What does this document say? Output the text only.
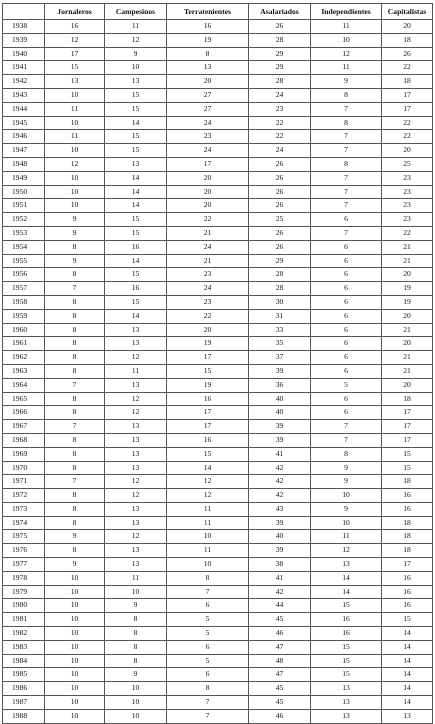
	Jornaleros	Campesinos	Terratenientes	Asalariados	Independientes	Capitalistas
1938	16	11	16	26	11	20
1939	12	12	19	28	10	18
1940	17	9	8	29	12	26
1941	15	10	13	29	11	22
1942	13	13	20	28	9	18
1943	10	15	27	24	8	17
1944	11	15	27	23	7	17
1945	10	14	24	22	8	22
1946	11	15	23	22	7	22
1947	10	15	24	24	7	20
1948	12	13	17	26	8	25
1949	10	14	20	26	7	23
1950	10	14	20	26	7	23
1951	10	14	20	26	7	23
1952	9	15	22	25	6	23
1953	9	15	21	26	7	22
1954	8	16	24	26	6	21
1955	9	14	21	29	6	21
1956	8	15	23	28	6	20
1957	7	16	24	28	6	19
1958	8	15	23	30	6	19
1959	8	14	22	31	6	20
1960	8	13	20	33	6	21
1961	8	13	19	35	6	20
1962	8	12	17	37	6	21
1963	8	11	15	39	6	21
1964	7	13	19	36	5	20
1965	8	12	16	40	6	18
1966	8	12	17	40	6	17
1967	7	13	17	39	7	17
1968	8	13	16	39	7	17
1969	8	13	15	41	8	15
1970	8	13	14	42	9	15
1971	7	12	12	42	9	18
1972	8	12	12	42	10	16
1973	8	13	11	43	9	16
1974	8	13	11	39	10	18
1975	9	12	10	40	11	18
1976	8	13	11	39	12	18
1977	9	13	10	38	13	17
1978	10	11	8	41	14	16
1979	10	10	7	42	14	16
1980	10	9	6	44	15	16
1981	10	8	5	45	16	15
1982	10	8	5	46	16	14
1983	10	8	6	47	15	14
1984	10	8	5	48	15	14
1985	10	9	6	47	15	14
1986	10	10	8	45	13	14
1987	10	10	7	45	13	14
1988	10	10	7	46	13	13
